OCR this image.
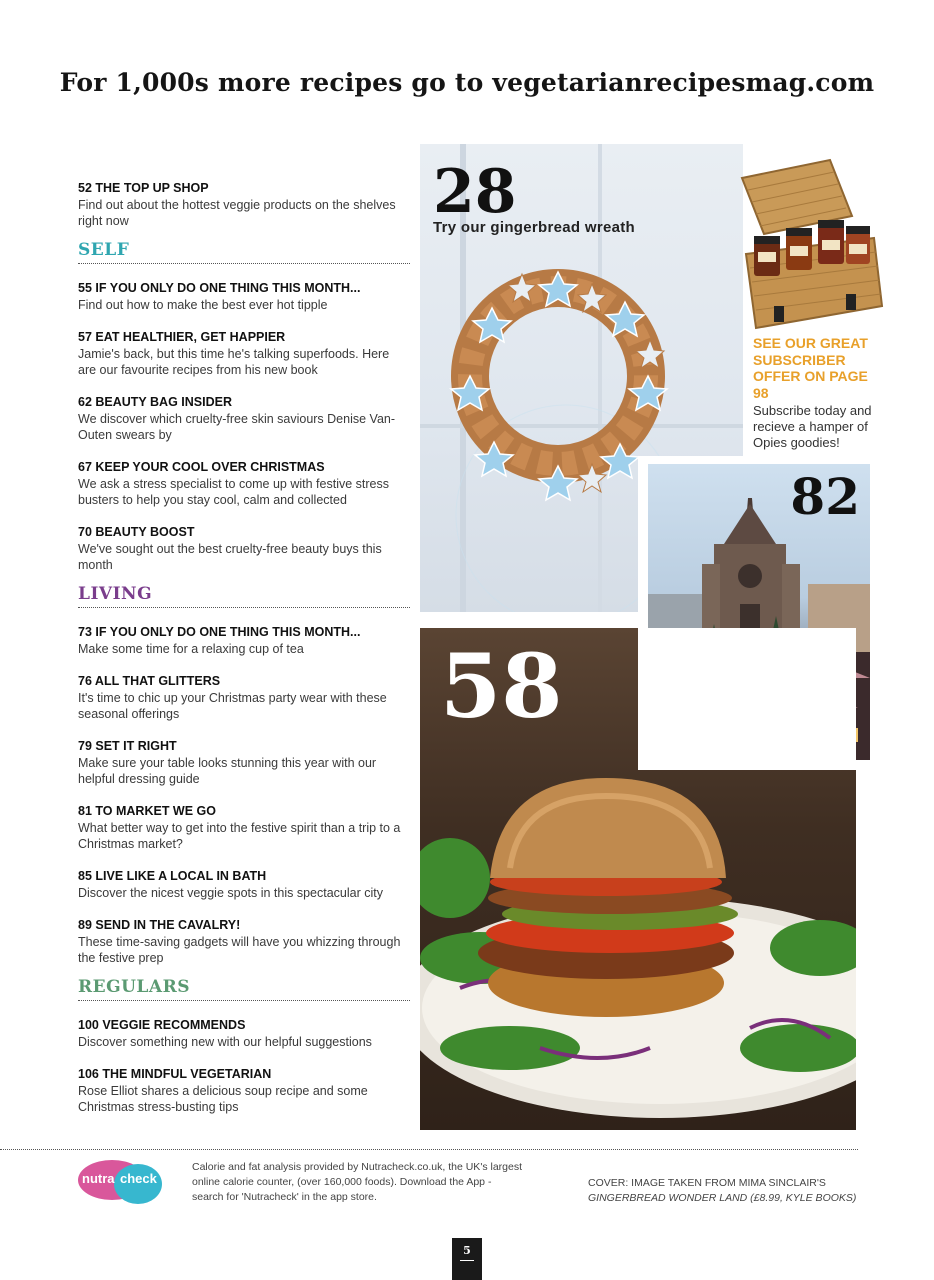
For 1,000s more recipes go to vegetarianrecipesmag.com
52 THE TOP UP SHOP
Find out about the hottest veggie products on the shelves right now
SELF
55 IF YOU ONLY DO ONE THING THIS MONTH...
Find out how to make the best ever hot tipple
57 EAT HEALTHIER, GET HAPPIER
Jamie's back, but this time he's talking superfoods. Here are our favourite recipes from his new book
62 BEAUTY BAG INSIDER
We discover which cruelty-free skin saviours Denise Van-Outen swears by
67 KEEP YOUR COOL OVER CHRISTMAS
We ask a stress specialist to come up with festive stress busters to help you stay cool, calm and collected
70 BEAUTY BOOST
We've sought out the best cruelty-free beauty buys this month
LIVING
73 IF YOU ONLY DO ONE THING THIS MONTH...
Make some time for a relaxing cup of tea
76 ALL THAT GLITTERS
It's time to chic up your Christmas party wear with these seasonal offerings
79 SET IT RIGHT
Make sure your table looks stunning this year with our helpful dressing guide
81 TO MARKET WE GO
What better way to get into the festive spirit than a trip to a Christmas market?
85 LIVE LIKE A LOCAL IN BATH
Discover the nicest veggie spots in this spectacular city
89 SEND IN THE CAVALRY!
These time-saving gadgets will have you whizzing through the festive prep
REGULARS
100 VEGGIE RECOMMENDS
Discover something new with our helpful suggestions
106 THE MINDFUL VEGETARIAN
Rose Elliot shares a delicious soup recipe and some Christmas stress-busting tips
28
Try our gingerbread wreath
SEE OUR GREAT SUBSCRIBER OFFER ON PAGE 98
Subscribe today and recieve a hamper of Opies goodies!
82
58
nutra check
Calorie and fat analysis provided by Nutracheck.co.uk, the UK's largest online calorie counter, (over 160,000 foods). Download the App - search for 'Nutracheck' in the app store.
COVER: IMAGE TAKEN FROM MIMA SINCLAIR'S
GINGERBREAD WONDER LAND (£8.99, KYLE BOOKS)
5
